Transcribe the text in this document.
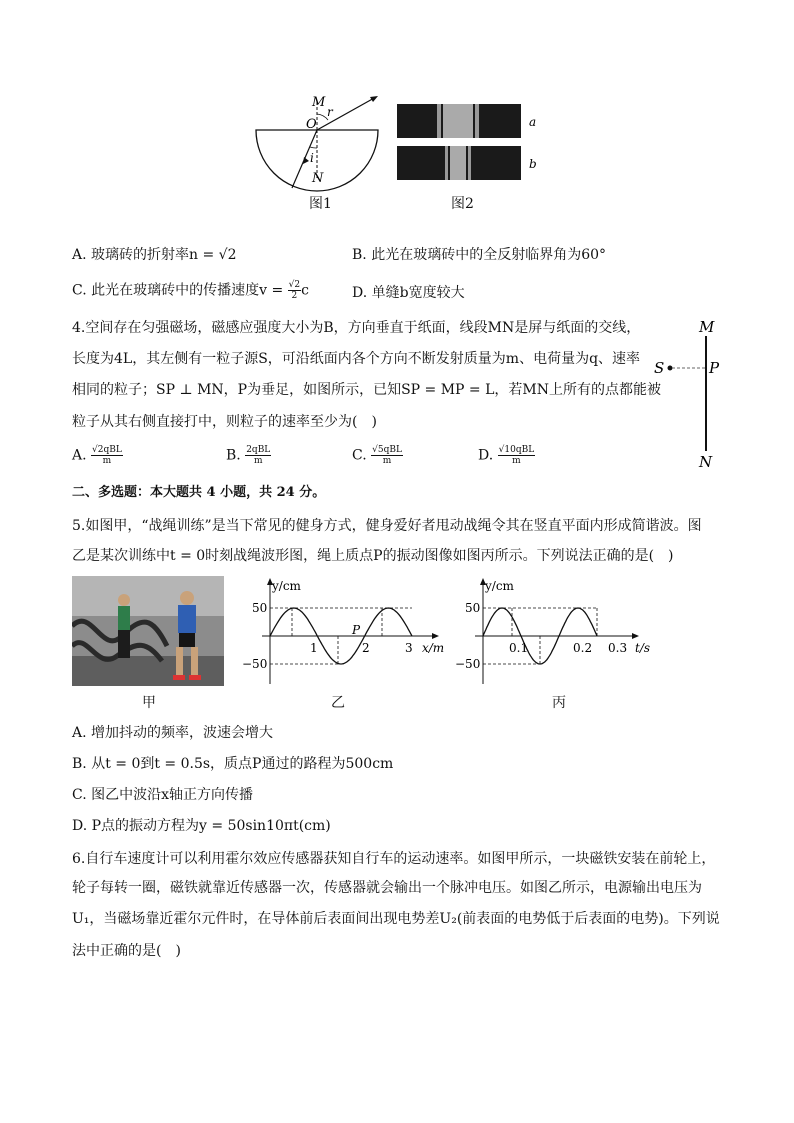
M
r
O
i
N
图1
a
b
图2
A. 玻璃砖的折射率n = √2	B. 此光在玻璃砖中的全反射临界角为60°
C. 此光在玻璃砖中的传播速度$v = \frac{√2}{2}$ c	D. 单缝b宽度较大
4.空间存在匀强磁场，磁感应强度大小为B，方向垂直于纸面，线段MN是屏与纸面的交线，
长度为4L，其左侧有一粒子源S，可沿纸面内各个方向不断发射质量为m、电荷量为q、速率
相同的粒子；SP ⊥ MN，P为垂足，如图所示，已知SP = MP = L，若MN上所有的点都能被
粒子从其右侧直接打中，则粒子的速率至少为(　)
M
S	P
N
A. $\frac{\text{√2qBL}}{m}$	B. $\frac{\text{2qBL}}{m}$	C. $\frac{\text{√5qBL}}{m}$	D. $\frac{\text{√10qBL}}{m}$
二、多选题：本大题共 4 小题，共 24 分。
5.如图甲，“战绳训练”是当下常见的健身方式，健身爱好者甩动战绳令其在竖直平面内形成简谐波。图
乙是某次训练中t = 0时刻战绳波形图，绳上质点P的振动图像如图丙所示。下列说法正确的是(　)
甲
y/cm
x/m
50
−50
1	2	3
P
乙
y/cm
t/s
50
−50
0.1	0.2 0.3
丙
A. 增加抖动的频率，波速会增大
B. 从t = 0到t = 0.5s，质点P通过的路程为500cm
C. 图乙中波沿x轴正方向传播
D. P点的振动方程为y = 50sin10πt(cm)
6.自行车速度计可以利用霍尔效应传感器获知自行车的运动速率。如图甲所示，一块磁铁安装在前轮上，
轮子每转一圈，磁铁就靠近传感器一次，传感器就会输出一个脉冲电压。如图乙所示，电源输出电压为
U₁，当磁场靠近霍尔元件时，在导体前后表面间出现电势差U₂(前表面的电势低于后表面的电势)。下列说
法中正确的是(　)
